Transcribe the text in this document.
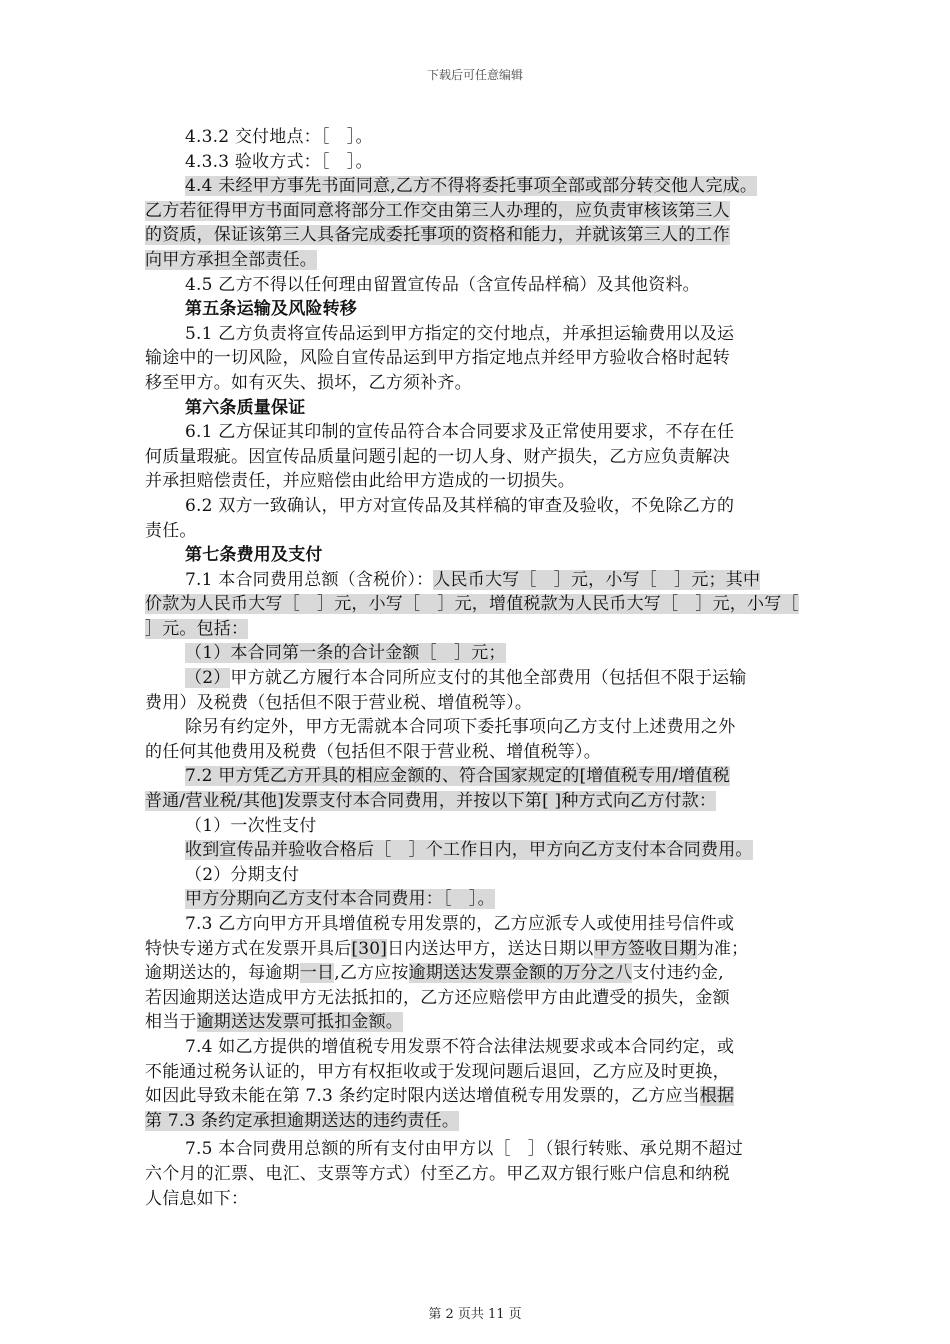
下载后可任意编辑
4.3.2 交付地点：［　］。
4.3.3 验收方式：［　］。
4.4 未经甲方事先书面同意,乙方不得将委托事项全部或部分转交他人完成。
乙方若征得甲方书面同意将部分工作交由第三人办理的，应负责审核该第三人
的资质，保证该第三人具备完成委托事项的资格和能力，并就该第三人的工作
向甲方承担全部责任。
4.5 乙方不得以任何理由留置宣传品（含宣传品样稿）及其他资料。
第五条运输及风险转移
5.1 乙方负责将宣传品运到甲方指定的交付地点，并承担运输费用以及运
输途中的一切风险，风险自宣传品运到甲方指定地点并经甲方验收合格时起转
移至甲方。如有灭失、损坏，乙方须补齐。
第六条质量保证
6.1 乙方保证其印制的宣传品符合本合同要求及正常使用要求，不存在任
何质量瑕疵。因宣传品质量问题引起的一切人身、财产损失，乙方应负责解决
并承担赔偿责任，并应赔偿由此给甲方造成的一切损失。
6.2 双方一致确认，甲方对宣传品及其样稿的审查及验收，不免除乙方的
责任。
第七条费用及支付
7.1 本合同费用总额（含税价）：人民币大写［　］元，小写［　］元；其中
价款为人民币大写［　］元，小写［　］元，增值税款为人民币大写［　］元，小写［
］元。包括：
（1）本合同第一条的合计金额［　］元；
（2）甲方就乙方履行本合同所应支付的其他全部费用（包括但不限于运输
费用）及税费（包括但不限于营业税、增值税等）。
除另有约定外，甲方无需就本合同项下委托事项向乙方支付上述费用之外
的任何其他费用及税费（包括但不限于营业税、增值税等）。
7.2 甲方凭乙方开具的相应金额的、符合国家规定的[增值税专用/增值税
普通/营业税/其他]发票支付本合同费用，并按以下第[ ]种方式向乙方付款：
（1）一次性支付
收到宣传品并验收合格后［　］个工作日内，甲方向乙方支付本合同费用。
（2）分期支付
甲方分期向乙方支付本合同费用：［　］。
7.3 乙方向甲方开具增值税专用发票的，乙方应派专人或使用挂号信件或
特快专递方式在发票开具后[30]日内送达甲方，送达日期以甲方签收日期为准；
逾期送达的，每逾期一日,乙方应按逾期送达发票金额的万分之八支付违约金,
若因逾期送达造成甲方无法抵扣的，乙方还应赔偿甲方由此遭受的损失，金额
相当于逾期送达发票可抵扣金额。
7.4 如乙方提供的增值税专用发票不符合法律法规要求或本合同约定，或
不能通过税务认证的，甲方有权拒收或于发现问题后退回，乙方应及时更换，
如因此导致未能在第 7.3 条约定时限内送达增值税专用发票的，乙方应当根据
第 7.3 条约定承担逾期送达的违约责任。
7.5 本合同费用总额的所有支付由甲方以［　］（银行转账、承兑期不超过
六个月的汇票、电汇、支票等方式）付至乙方。甲乙双方银行账户信息和纳税
人信息如下：
第 2 页共 11 页
